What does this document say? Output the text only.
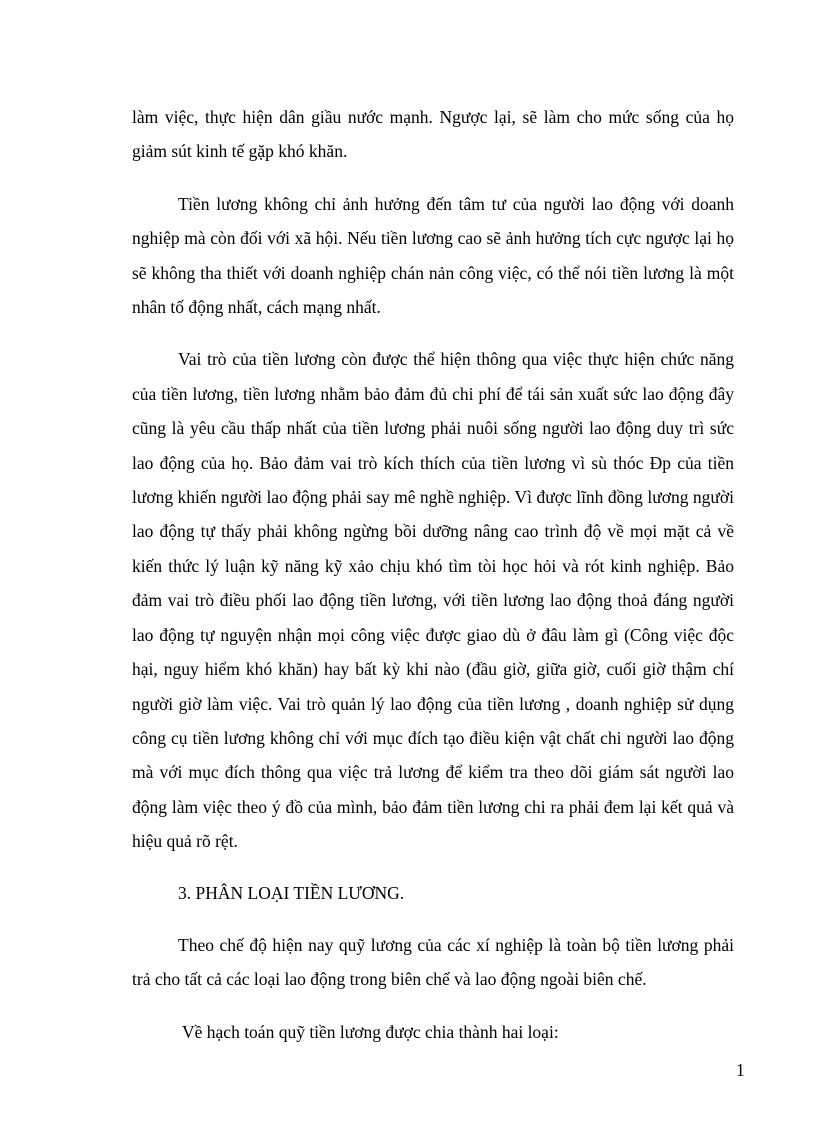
làm việc, thực hiện dân giầu nước mạnh. Ngược lại, sẽ làm cho mức sống của họ giảm sút kinh tế gặp khó khăn.

Tiền lương không chỉ ảnh hưởng đến tâm tư của người lao động với doanh nghiệp mà còn đối với xã hội. Nếu tiền lương cao sẽ ảnh hưởng tích cực ngược lại họ sẽ không tha thiết với doanh nghiệp chán nản công việc, có thể nói tiền lương là một nhân tố động nhất, cách mạng nhất.

Vai trò của tiền lương còn được thể hiện thông qua việc thực hiện chức năng của tiền lương, tiền lương nhằm bảo đảm đủ chi phí để tái sản xuất sức lao động đây cũng là yêu cầu thấp nhất của tiền lương phải nuôi sống người lao động duy trì sức lao động của họ. Bảo đảm vai trò kích thích của tiền lương vì sù thóc Đp của tiền lương khiến người lao động phải say mê nghề nghiệp. Vì được lĩnh đồng lương người lao động tự thấy phải không ngừng bồi dưỡng nâng cao trình độ về mọi mặt cả về kiến thức lý luận kỹ năng kỹ xảo chịu khó tìm tòi học hỏi và rót kinh nghiệp. Bảo đảm vai trò điều phối lao động tiền lương, với tiền lương lao động thoả đáng người lao động tự nguyện nhận mọi công việc được giao dù ở đâu làm gì (Công việc độc hại, nguy hiểm khó khăn) hay bất kỳ khi nào (đầu giờ, giữa giờ, cuối giờ thậm chí người giờ làm việc. Vai trò quản lý lao động của tiền lương , doanh nghiệp sử dụng công cụ tiền lương không chỉ với mục đích tạo điều kiện vật chất chi người lao động mà với mục đích thông qua việc trả lương để kiểm tra theo dõi giám sát người lao động làm việc theo ý đồ của mình, bảo đảm tiền lương chi ra phải đem lại kết quả và hiệu quả rõ rệt.

3. PHÂN LOẠI TIỀN LƯƠNG.

Theo chế độ hiện nay quỹ lương của các xí nghiệp là toàn bộ tiền lương phải trả cho tất cả các loại lao động trong biên chế và lao động ngoài biên chế.

Về hạch toán quỹ tiền lương được chia thành hai loại:

1
